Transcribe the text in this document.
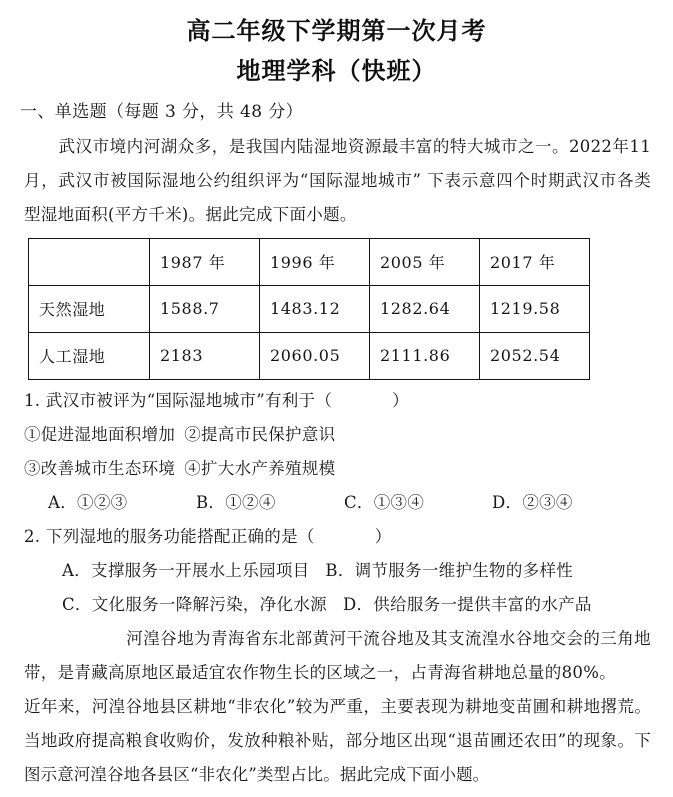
高二年级下学期第一次月考
地理学科（快班）
一、单选题（每题 3 分，共 48 分）

武汉市境内河湖众多，是我国内陆湿地资源最丰富的特大城市之一。2022年11月，武汉市被国际湿地公约组织评为“国际湿地城市” 下表示意四个时期武汉市各类型湿地面积(平方千米)。据此完成下面小题。

	1987 年	1996 年	2005 年	2017 年
天然湿地	1588.7	1483.12	1282.64	1219.58
人工湿地	2183	2060.05	2111.86	2052.54
1. 武汉市被评为“国际湿地城市”有利于（	）
①促进湿地面积增加 ②提高市民保护意识
③改善城市生态环境 ④扩大水产养殖规模
A．①②③	B．①②④	C．①③④	D．②③④
2. 下列湿地的服务功能搭配正确的是（	）
A．支撑服务一开展水上乐园项目 B．调节服务一维护生物的多样性
C．文化服务一降解污染，净化水源 D．供给服务一提供丰富的水产品

河湟谷地为青海省东北部黄河干流谷地及其支流湟水谷地交会的三角地带，是青藏高原地区最适宜农作物生长的区域之一，占青海省耕地总量的80%。

近年来，河湟谷地县区耕地“非农化”较为严重，主要表现为耕地变苗圃和耕地撂荒。当地政府提高粮食收购价，发放种粮补贴，部分地区出现“退苗圃还农田”的现象。下图示意河湟谷地各县区“非农化”类型占比。据此完成下面小题。
